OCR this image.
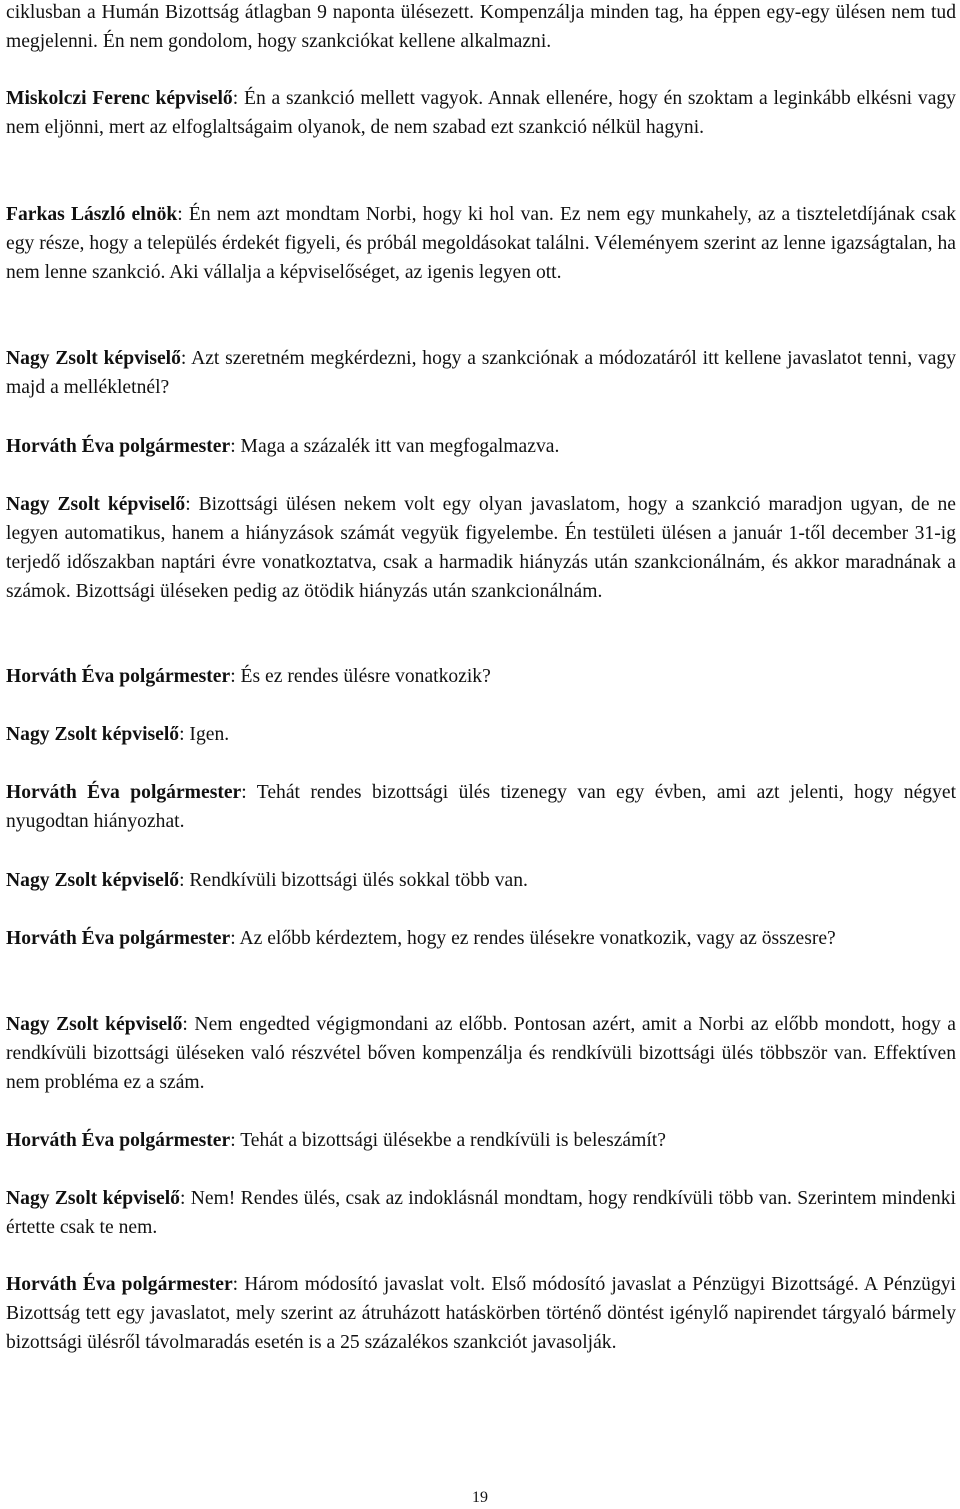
ciklusban a Humán Bizottság átlagban 9 naponta ülésezett. Kompenzálja minden tag, ha éppen egy-egy ülésen nem tud megjelenni. Én nem gondolom, hogy szankciókat kellene alkalmazni.

Miskolczi Ferenc képviselő: Én a szankció mellett vagyok. Annak ellenére, hogy én szoktam a leginkább elkésni vagy nem eljönni, mert az elfoglaltságaim olyanok, de nem szabad ezt szankció nélkül hagyni.

Farkas László elnök: Én nem azt mondtam Norbi, hogy ki hol van. Ez nem egy munkahely, az a tiszteletdíjának csak egy része, hogy a település érdekét figyeli, és próbál megoldásokat találni. Véleményem szerint az lenne igazságtalan, ha nem lenne szankció. Aki vállalja a képviselőséget, az igenis legyen ott.

Nagy Zsolt képviselő: Azt szeretném megkérdezni, hogy a szankciónak a módozatáról itt kellene javaslatot tenni, vagy majd a mellékletnél?

Horváth Éva polgármester: Maga a százalék itt van megfogalmazva.

Nagy Zsolt képviselő: Bizottsági ülésen nekem volt egy olyan javaslatom, hogy a szankció maradjon ugyan, de ne legyen automatikus, hanem a hiányzások számát vegyük figyelembe. Én testületi ülésen a január 1-től december 31-ig terjedő időszakban naptári évre vonatkoztatva, csak a harmadik hiányzás után szankcionálnám, és akkor maradnának a számok. Bizottsági üléseken pedig az ötödik hiányzás után szankcionálnám.

Horváth Éva polgármester: És ez rendes ülésre vonatkozik?

Nagy Zsolt képviselő: Igen.

Horváth Éva polgármester: Tehát rendes bizottsági ülés tizenegy van egy évben, ami azt jelenti, hogy négyet nyugodtan hiányozhat.

Nagy Zsolt képviselő: Rendkívüli bizottsági ülés sokkal több van.

Horváth Éva polgármester: Az előbb kérdeztem, hogy ez rendes ülésekre vonatkozik, vagy az összesre?

Nagy Zsolt képviselő: Nem engedted végigmondani az előbb. Pontosan azért, amit a Norbi az előbb mondott, hogy a rendkívüli bizottsági üléseken való részvétel bőven kompenzálja és rendkívüli bizottsági ülés többször van. Effektíven nem probléma ez a szám.

Horváth Éva polgármester: Tehát a bizottsági ülésekbe a rendkívüli is beleszámít?

Nagy Zsolt képviselő: Nem! Rendes ülés, csak az indoklásnál mondtam, hogy rendkívüli több van. Szerintem mindenki értette csak te nem.

Horváth Éva polgármester: Három módosító javaslat volt. Első módosító javaslat a Pénzügyi Bizottságé. A Pénzügyi Bizottság tett egy javaslatot, mely szerint az átruházott hatáskörben történő döntést igénylő napirendet tárgyaló bármely bizottsági ülésről távolmaradás esetén is a 25 százalékos szankciót javasolják.

19
